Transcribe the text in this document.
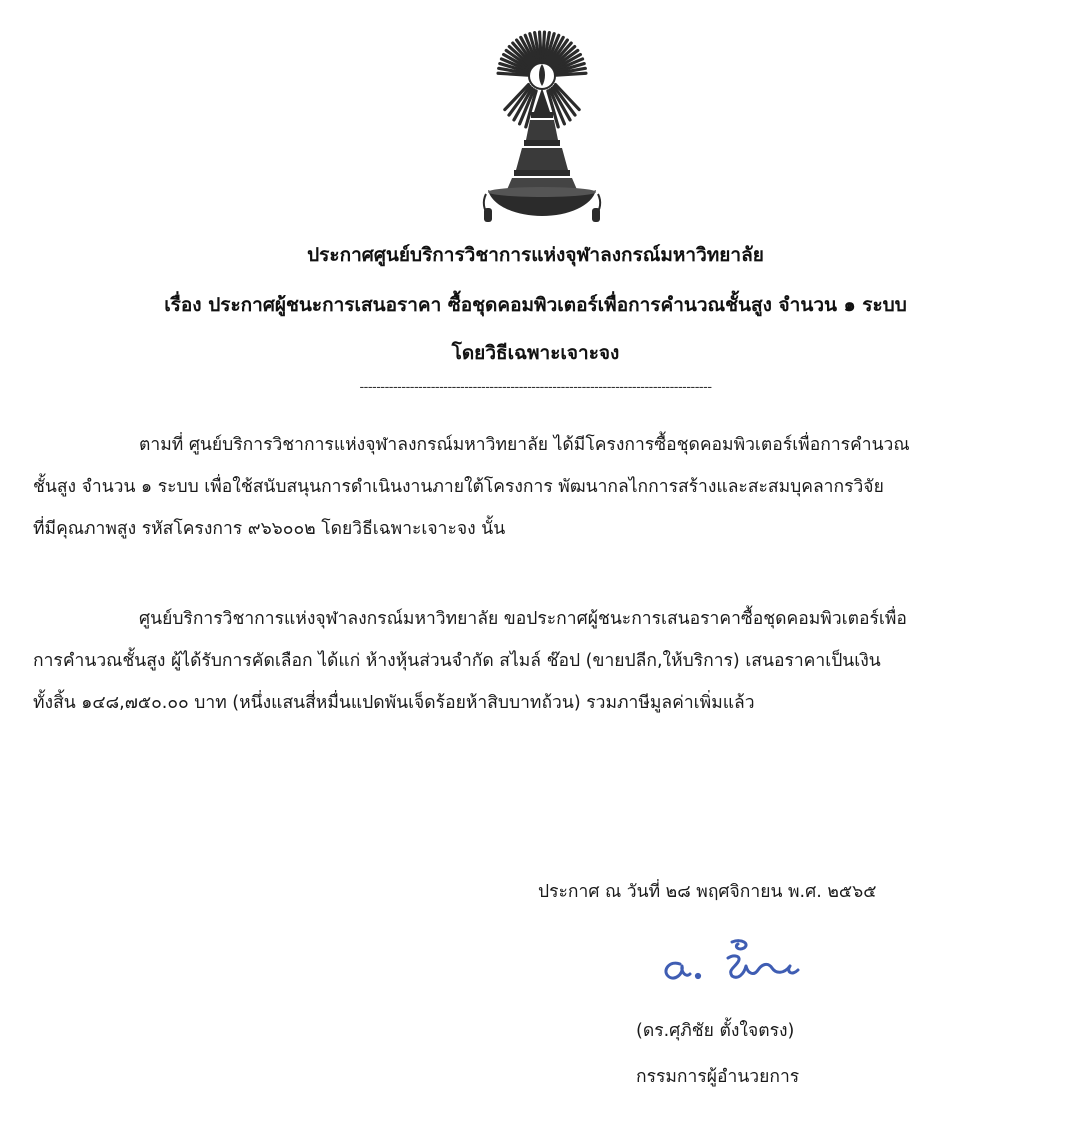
ประกาศศูนย์บริการวิชาการแห่งจุฬาลงกรณ์มหาวิทยาลัย
เรื่อง ประกาศผู้ชนะการเสนอราคา ซื้อชุดคอมพิวเตอร์เพื่อการคำนวณชั้นสูง จำนวน ๑ ระบบ
โดยวิธีเฉพาะเจาะจง
------------------------------------------------------------------------------------
ตามที่ ศูนย์บริการวิชาการแห่งจุฬาลงกรณ์มหาวิทยาลัย ได้มีโครงการซื้อชุดคอมพิวเตอร์เพื่อการคำนวณ
ชั้นสูง จำนวน ๑ ระบบ เพื่อใช้สนับสนุนการดำเนินงานภายใต้โครงการ พัฒนากลไกการสร้างและสะสมบุคลากรวิจัย
ที่มีคุณภาพสูง รหัสโครงการ ๙๖๖๐๐๒ โดยวิธีเฉพาะเจาะจง นั้น
ศูนย์บริการวิชาการแห่งจุฬาลงกรณ์มหาวิทยาลัย ขอประกาศผู้ชนะการเสนอราคาซื้อชุดคอมพิวเตอร์เพื่อ
การคำนวณชั้นสูง ผู้ได้รับการคัดเลือก ได้แก่ ห้างหุ้นส่วนจำกัด สไมล์ ช๊อป (ขายปลีก,ให้บริการ) เสนอราคาเป็นเงิน
ทั้งสิ้น ๑๔๘,๗๕๐.๐๐ บาท (หนึ่งแสนสี่หมื่นแปดพันเจ็ดร้อยห้าสิบบาทถ้วน) รวมภาษีมูลค่าเพิ่มแล้ว
ประกาศ ณ วันที่ ๒๘ พฤศจิกายน พ.ศ. ๒๕๖๕
(ดร.ศุภิชัย ตั้งใจตรง)
กรรมการผู้อำนวยการ
